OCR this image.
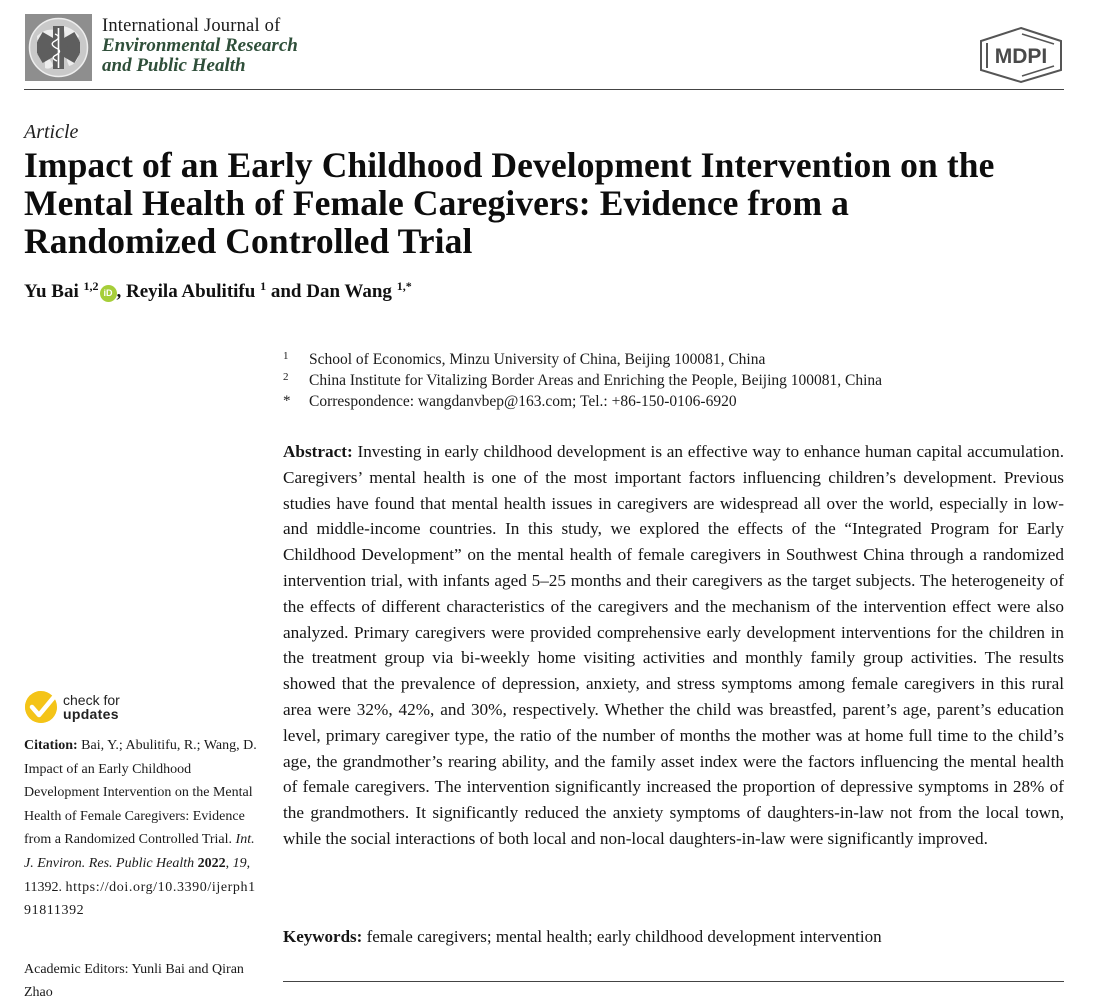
International Journal of
Environmental Research
and Public Health	MDPI
Article
Impact of an Early Childhood Development Intervention on the
Mental Health of Female Caregivers: Evidence from a
Randomized Controlled Trial
Yu Bai $^{1,2}$ iD , Reyila Abulitifu $^1$ and Dan Wang $^{1,*}$
1	School of Economics, Minzu University of China, Beijing 100081, China
2	China Institute for Vitalizing Border Areas and Enriching the People, Beijing 100081, China
*	Correspondence: wangdanvbep@163.com; Tel.: +86-150-0106-6920
Abstract: Investing in early childhood development is an effective way to enhance human capital accumulation. Caregivers’ mental health is one of the most important factors influencing children’s development. Previous studies have found that mental health issues in caregivers are widespread all over the world, especially in low- and middle-income countries. In this study, we explored the effects of the “Integrated Program for Early Childhood Development” on the mental health of female caregivers in Southwest China through a randomized intervention trial, with infants aged 5–25 months and their caregivers as the target subjects. The heterogeneity of the effects of different characteristics of the caregivers and the mechanism of the intervention effect were also analyzed. Primary caregivers were provided comprehensive early development interventions for the children in the treatment group via bi-weekly home visiting activities and monthly family group activities. The results showed that the prevalence of depression, anxiety, and stress symptoms among female caregivers in this rural area were 32%, 42%, and 30%, respectively. Whether the child was breastfed, parent’s age, parent’s education level, primary caregiver type, the ratio of the number of months the mother was at home full time to the child’s age, the grandmother’s rearing ability, and the family asset index were the factors influencing the mental health of female caregivers. The intervention significantly increased the proportion of depressive symptoms in 28% of the grandmothers. It significantly reduced the anxiety symptoms of daughters-in-law not from the local town, while the social interactions of both local and non-local daughters-in-law were significantly improved.
Keywords: female caregivers; mental health; early childhood development intervention
check for
updates
Citation: Bai, Y.; Abulitifu, R.; Wang, D. Impact of an Early Childhood Development Intervention on the Mental Health of Female Caregivers: Evidence from a Randomized Controlled Trial. Int. J. Environ. Res. Public Health 2022, 19, 11392. https://doi.org/10.3390/ijerph191811392
Academic Editors: Yunli Bai and Qiran Zhao
